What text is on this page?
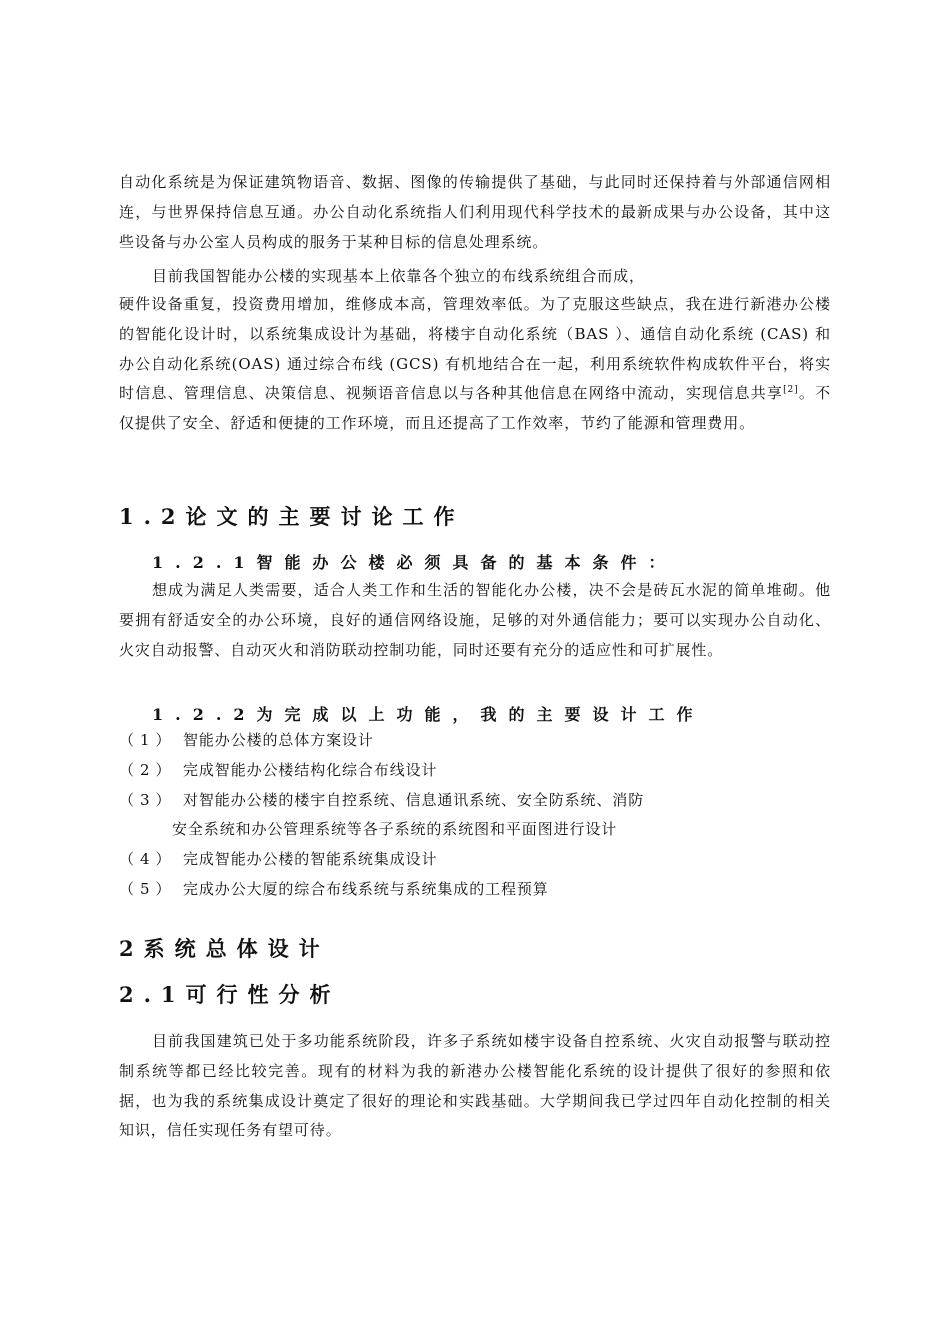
自动化系统是为保证建筑物语音、数据、图像的传输提供了基础，与此同时还保持着与外部通信网相连，与世界保持信息互通。办公自动化系统指人们利用现代科学技术的最新成果与办公设备，其中这些设备与办公室人员构成的服务于某种目标的信息处理系统。

目前我国智能办公楼的实现基本上依靠各个独立的布线系统组合而成，

硬件设备重复，投资费用增加，维修成本高，管理效率低。为了克服这些缺点，我在进行新港办公楼的智能化设计时，以系统集成设计为基础，将楼宇自动化系统（BAS ）、通信自动化系统 (CAS) 和办公自动化系统(OAS) 通过综合布线 (GCS) 有机地结合在一起，利用系统软件构成软件平台，将实时信息、管理信息、决策信息、视频语音信息以与各种其他信息在网络中流动，实现信息共享[2]。不仅提供了安全、舒适和便捷的工作环境，而且还提高了工作效率，节约了能源和管理费用。

1.2论文的主要讨论工作
1.2.1智能办公楼必须具备的基本条件：

想成为满足人类需要，适合人类工作和生活的智能化办公楼，决不会是砖瓦水泥的简单堆砌。他要拥有舒适安全的办公环境，良好的通信网络设施，足够的对外通信能力；要可以实现办公自动化、火灾自动报警、自动灭火和消防联动控制功能，同时还要有充分的适应性和可扩展性。

1.2.2为完成以上功能，我的主要设计工作

（1） 智能办公楼的总体方案设计

（2） 完成智能办公楼结构化综合布线设计

（3） 对智能办公楼的楼宇自控系统、信息通讯系统、安全防系统、消防

安全系统和办公管理系统等各子系统的系统图和平面图进行设计

（4） 完成智能办公楼的智能系统集成设计

（5） 完成办公大厦的综合布线系统与系统集成的工程预算

2系统总体设计
2.1可行性分析

目前我国建筑已处于多功能系统阶段，许多子系统如楼宇设备自控系统、火灾自动报警与联动控制系统等都已经比较完善。现有的材料为我的新港办公楼智能化系统的设计提供了很好的参照和依据，也为我的系统集成设计奠定了很好的理论和实践基础。大学期间我已学过四年自动化控制的相关知识，信任实现任务有望可待。
